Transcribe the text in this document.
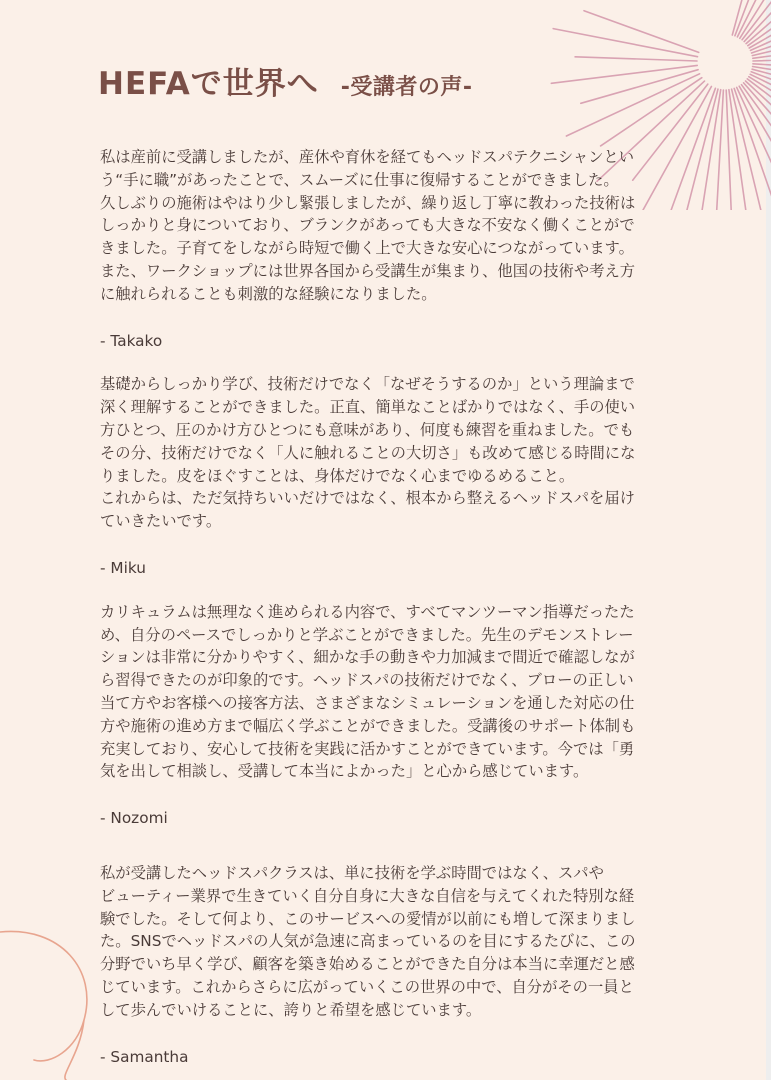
HEFAで世界へ -受講者の声-

私は産前に受講しましたが、産休や育休を経てもヘッドスパテクニシャンとい
う“手に職”があったことで、スムーズに仕事に復帰することができました。
久しぶりの施術はやはり少し緊張しましたが、繰り返し丁寧に教わった技術は
しっかりと身についており、ブランクがあっても大きな不安なく働くことがで
きました。子育てをしながら時短で働く上で大きな安心につながっています。
また、ワークショップには世界各国から受講生が集まり、他国の技術や考え方
に触れられることも刺激的な経験になりました。

- Takako

基礎からしっかり学び、技術だけでなく「なぜそうするのか」という理論まで
深く理解することができました。正直、簡単なことばかりではなく、手の使い
方ひとつ、圧のかけ方ひとつにも意味があり、何度も練習を重ねました。でも
その分、技術だけでなく「人に触れることの大切さ」も改めて感じる時間にな
りました。皮をほぐすことは、身体だけでなく心までゆるめること。
これからは、ただ気持ちいいだけではなく、根本から整えるヘッドスパを届け
ていきたいです。

- Miku

カリキュラムは無理なく進められる内容で、すべてマンツーマン指導だったた
め、自分のペースでしっかりと学ぶことができました。先生のデモンストレー
ションは非常に分かりやすく、細かな手の動きや力加減まで間近で確認しなが
ら習得できたのが印象的です。ヘッドスパの技術だけでなく、ブローの正しい
当て方やお客様への接客方法、さまざまなシミュレーションを通した対応の仕
方や施術の進め方まで幅広く学ぶことができました。受講後のサポート体制も
充実しており、安心して技術を実践に活かすことができています。今では「勇
気を出して相談し、受講して本当によかった」と心から感じています。

- Nozomi

私が受講したヘッドスパクラスは、単に技術を学ぶ時間ではなく、スパや
ビューティー業界で生きていく自分自身に大きな自信を与えてくれた特別な経
験でした。そして何より、このサービスへの愛情が以前にも増して深まりまし
た。SNSでヘッドスパの人気が急速に高まっているのを目にするたびに、この
分野でいち早く学び、顧客を築き始めることができた自分は本当に幸運だと感
じています。これからさらに広がっていくこの世界の中で、自分がその一員と
して歩んでいけることに、誇りと希望を感じています。

- Samantha
